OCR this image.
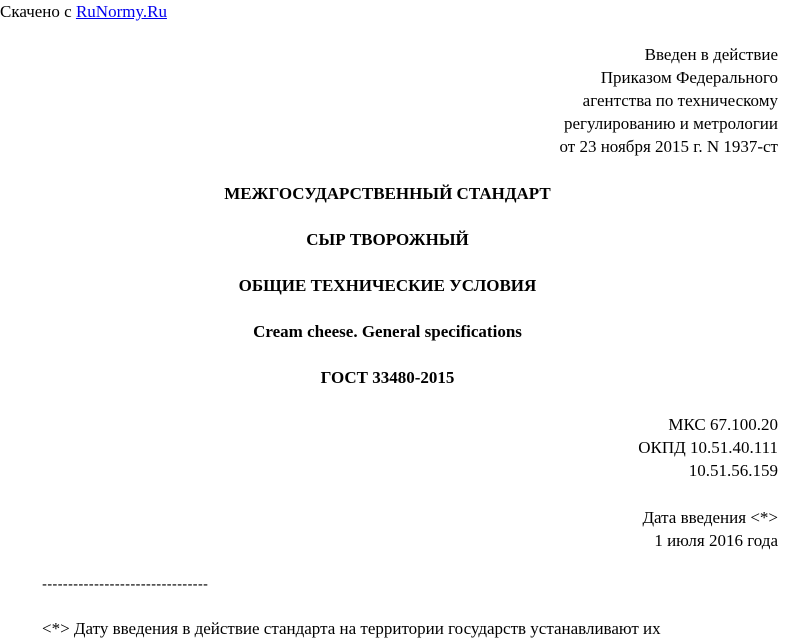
Скачено с RuNormy.Ru
Введен в действие
Приказом Федерального
агентства по техническому
регулированию и метрологии
от 23 ноября 2015 г. N 1937-ст
МЕЖГОСУДАРСТВЕННЫЙ СТАНДАРТ
СЫР ТВОРОЖНЫЙ
ОБЩИЕ ТЕХНИЧЕСКИЕ УСЛОВИЯ
Cream cheese. General specifications
ГОСТ 33480-2015
МКС 67.100.20
ОКПД 10.51.40.111
10.51.56.159
Дата введения <*>
1 июля 2016 года
--------------------------------
<*> Дату введения в действие стандарта на территории государств устанавливают их
